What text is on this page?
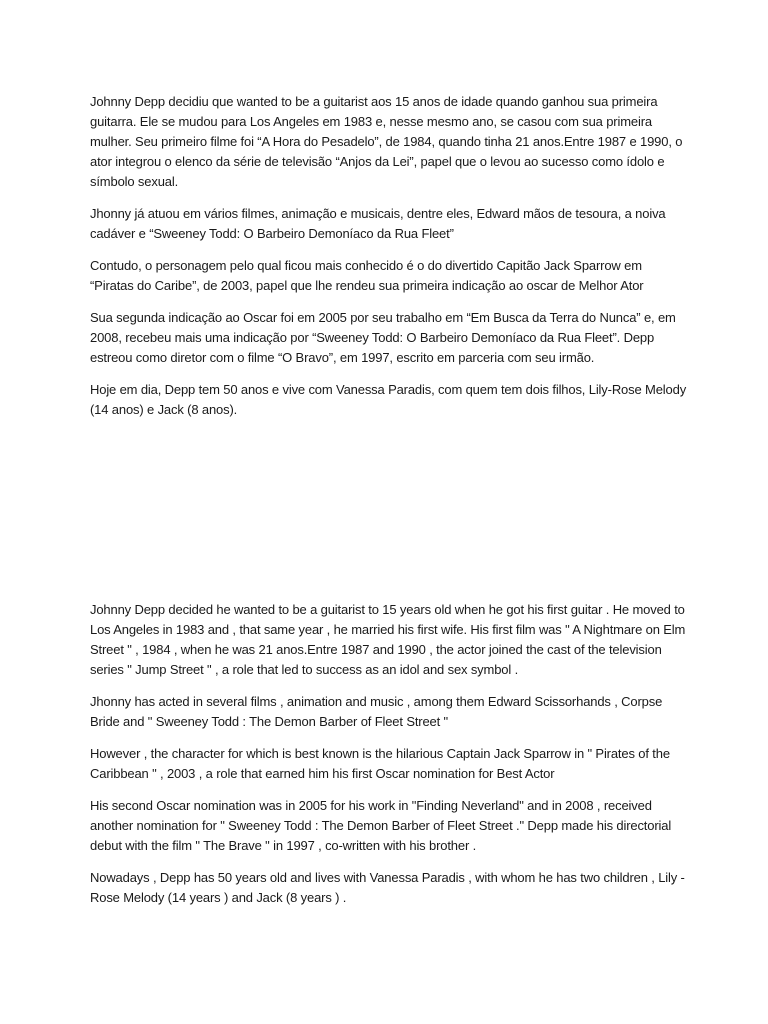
Johnny Depp decidiu que wanted to be a guitarist aos 15 anos de idade quando ganhou sua primeira guitarra. Ele se mudou para Los Angeles em 1983 e, nesse mesmo ano, se casou com sua primeira mulher. Seu primeiro filme foi “A Hora do Pesadelo”, de 1984, quando tinha 21 anos.Entre 1987 e 1990, o ator integrou o elenco da série de televisão “Anjos da Lei”, papel que o levou ao sucesso como ídolo e símbolo sexual.

Jhonny já atuou em vários filmes, animação e musicais, dentre eles, Edward mãos de tesoura, a noiva cadáver e “Sweeney Todd: O Barbeiro Demoníaco da Rua Fleet”

Contudo, o personagem pelo qual ficou mais conhecido é o do divertido Capitão Jack Sparrow em “Piratas do Caribe”, de 2003, papel que lhe rendeu sua primeira indicação ao oscar de Melhor Ator

Sua segunda indicação ao Oscar foi em 2005 por seu trabalho em “Em Busca da Terra do Nunca” e, em 2008, recebeu mais uma indicação por “Sweeney Todd: O Barbeiro Demoníaco da Rua Fleet”. Depp estreou como diretor com o filme “O Bravo”, em 1997, escrito em parceria com seu irmão.

Hoje em dia, Depp tem 50 anos e vive com Vanessa Paradis, com quem tem dois filhos, Lily-Rose Melody (14 anos) e Jack (8 anos).

Johnny Depp decided he wanted to be a guitarist to 15 years old when he got his first guitar . He moved to Los Angeles in 1983 and , that same year , he married his first wife. His first film was " A Nightmare on Elm Street " , 1984 , when he was 21 anos.Entre 1987 and 1990 , the actor joined the cast of the television series " Jump Street " , a role that led to success as an idol and sex symbol .

Jhonny has acted in several films , animation and music , among them Edward Scissorhands , Corpse Bride and " Sweeney Todd : The Demon Barber of Fleet Street "

However , the character for which is best known is the hilarious Captain Jack Sparrow in " Pirates of the Caribbean " , 2003 , a role that earned him his first Oscar nomination for Best Actor

His second Oscar nomination was in 2005 for his work in "Finding Neverland" and in 2008 , received another nomination for " Sweeney Todd : The Demon Barber of Fleet Street ." Depp made his directorial debut with the film " The Brave " in 1997 , co-written with his brother .

Nowadays , Depp has 50 years old and lives with Vanessa Paradis , with whom he has two children , Lily - Rose Melody (14 years ) and Jack (8 years ) .
